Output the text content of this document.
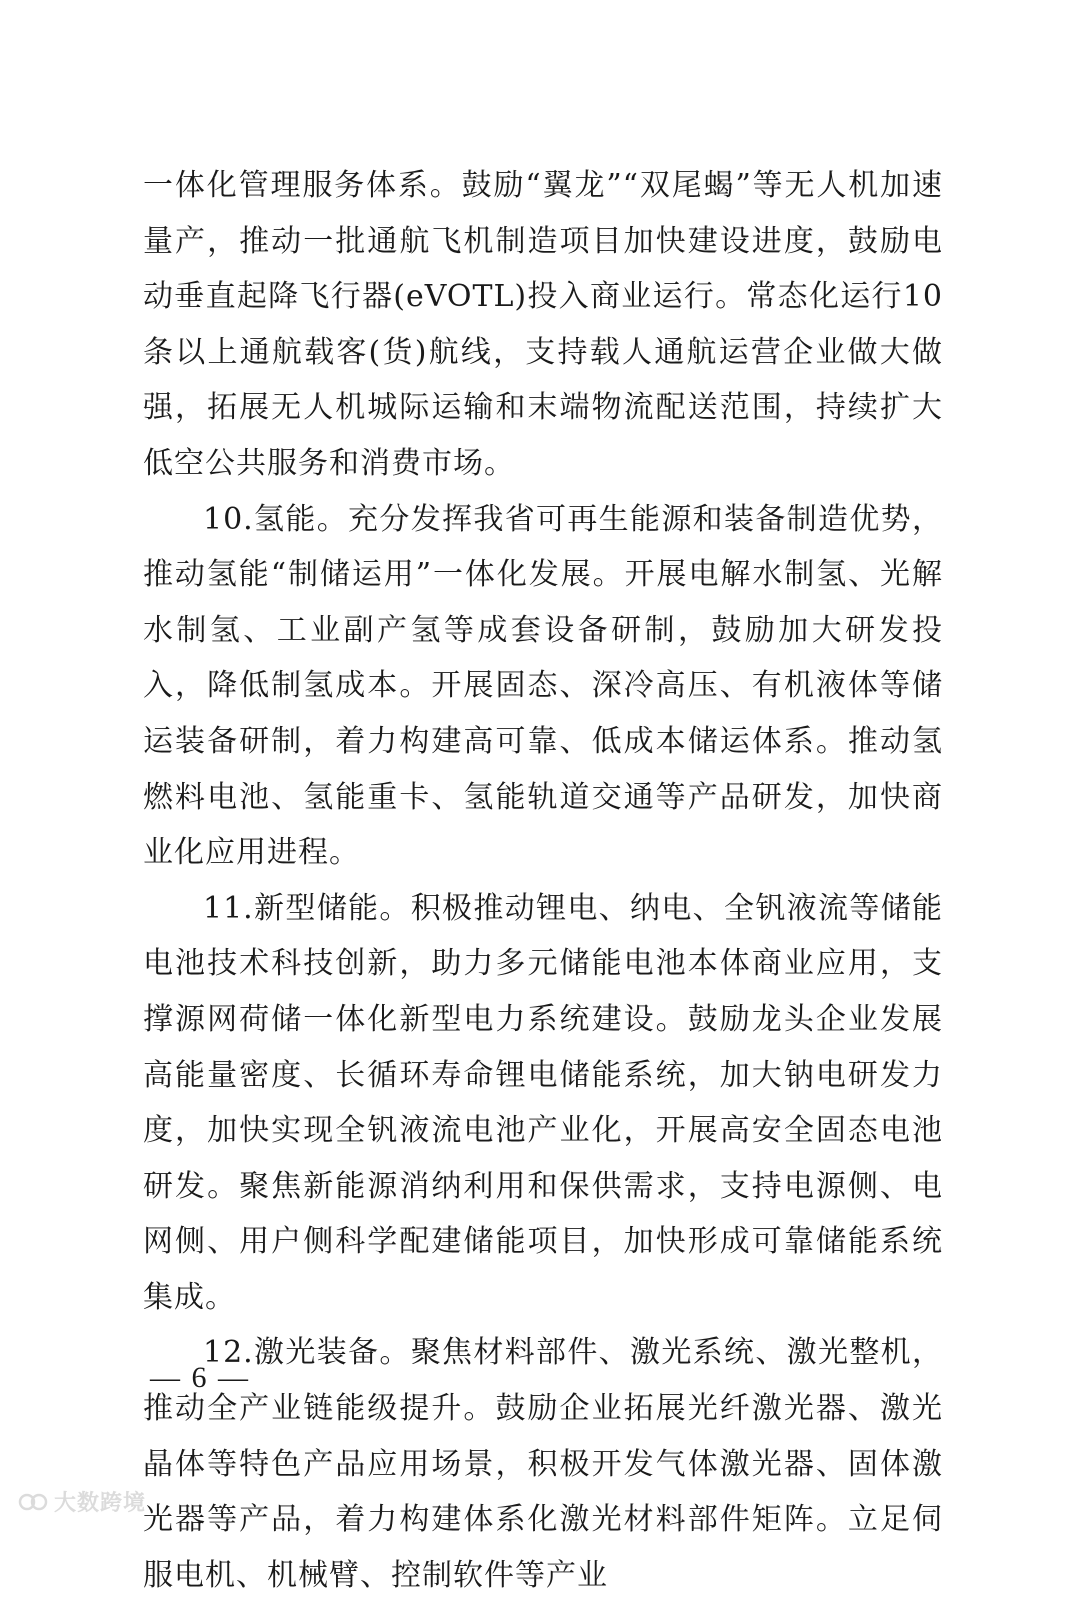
一体化管理服务体系。鼓励“翼龙”“双尾蝎”等无人机加速量产，推动一批通航飞机制造项目加快建设进度，鼓励电动垂直起降飞行器(eVOTL)投入商业运行。常态化运行10条以上通航载客(货)航线，支持载人通航运营企业做大做强，拓展无人机城际运输和末端物流配送范围，持续扩大低空公共服务和消费市场。

10.氢能。充分发挥我省可再生能源和装备制造优势，推动氢能“制储运用”一体化发展。开展电解水制氢、光解水制氢、工业副产氢等成套设备研制，鼓励加大研发投入，降低制氢成本。开展固态、深冷高压、有机液体等储运装备研制，着力构建高可靠、低成本储运体系。推动氢燃料电池、氢能重卡、氢能轨道交通等产品研发，加快商业化应用进程。

11.新型储能。积极推动锂电、纳电、全钒液流等储能电池技术科技创新，助力多元储能电池本体商业应用，支撑源网荷储一体化新型电力系统建设。鼓励龙头企业发展高能量密度、长循环寿命锂电储能系统，加大钠电研发力度，加快实现全钒液流电池产业化，开展高安全固态电池研发。聚焦新能源消纳利用和保供需求，支持电源侧、电网侧、用户侧科学配建储能项目，加快形成可靠储能系统集成。

12.激光装备。聚焦材料部件、激光系统、激光整机，推动全产业链能级提升。鼓励企业拓展光纤激光器、激光晶体等特色产品应用场景，积极开发气体激光器、固体激光器等产品，着力构建体系化激光材料部件矩阵。立足伺服电机、机械臂、控制软件等产业

— 6 —
大数跨境
